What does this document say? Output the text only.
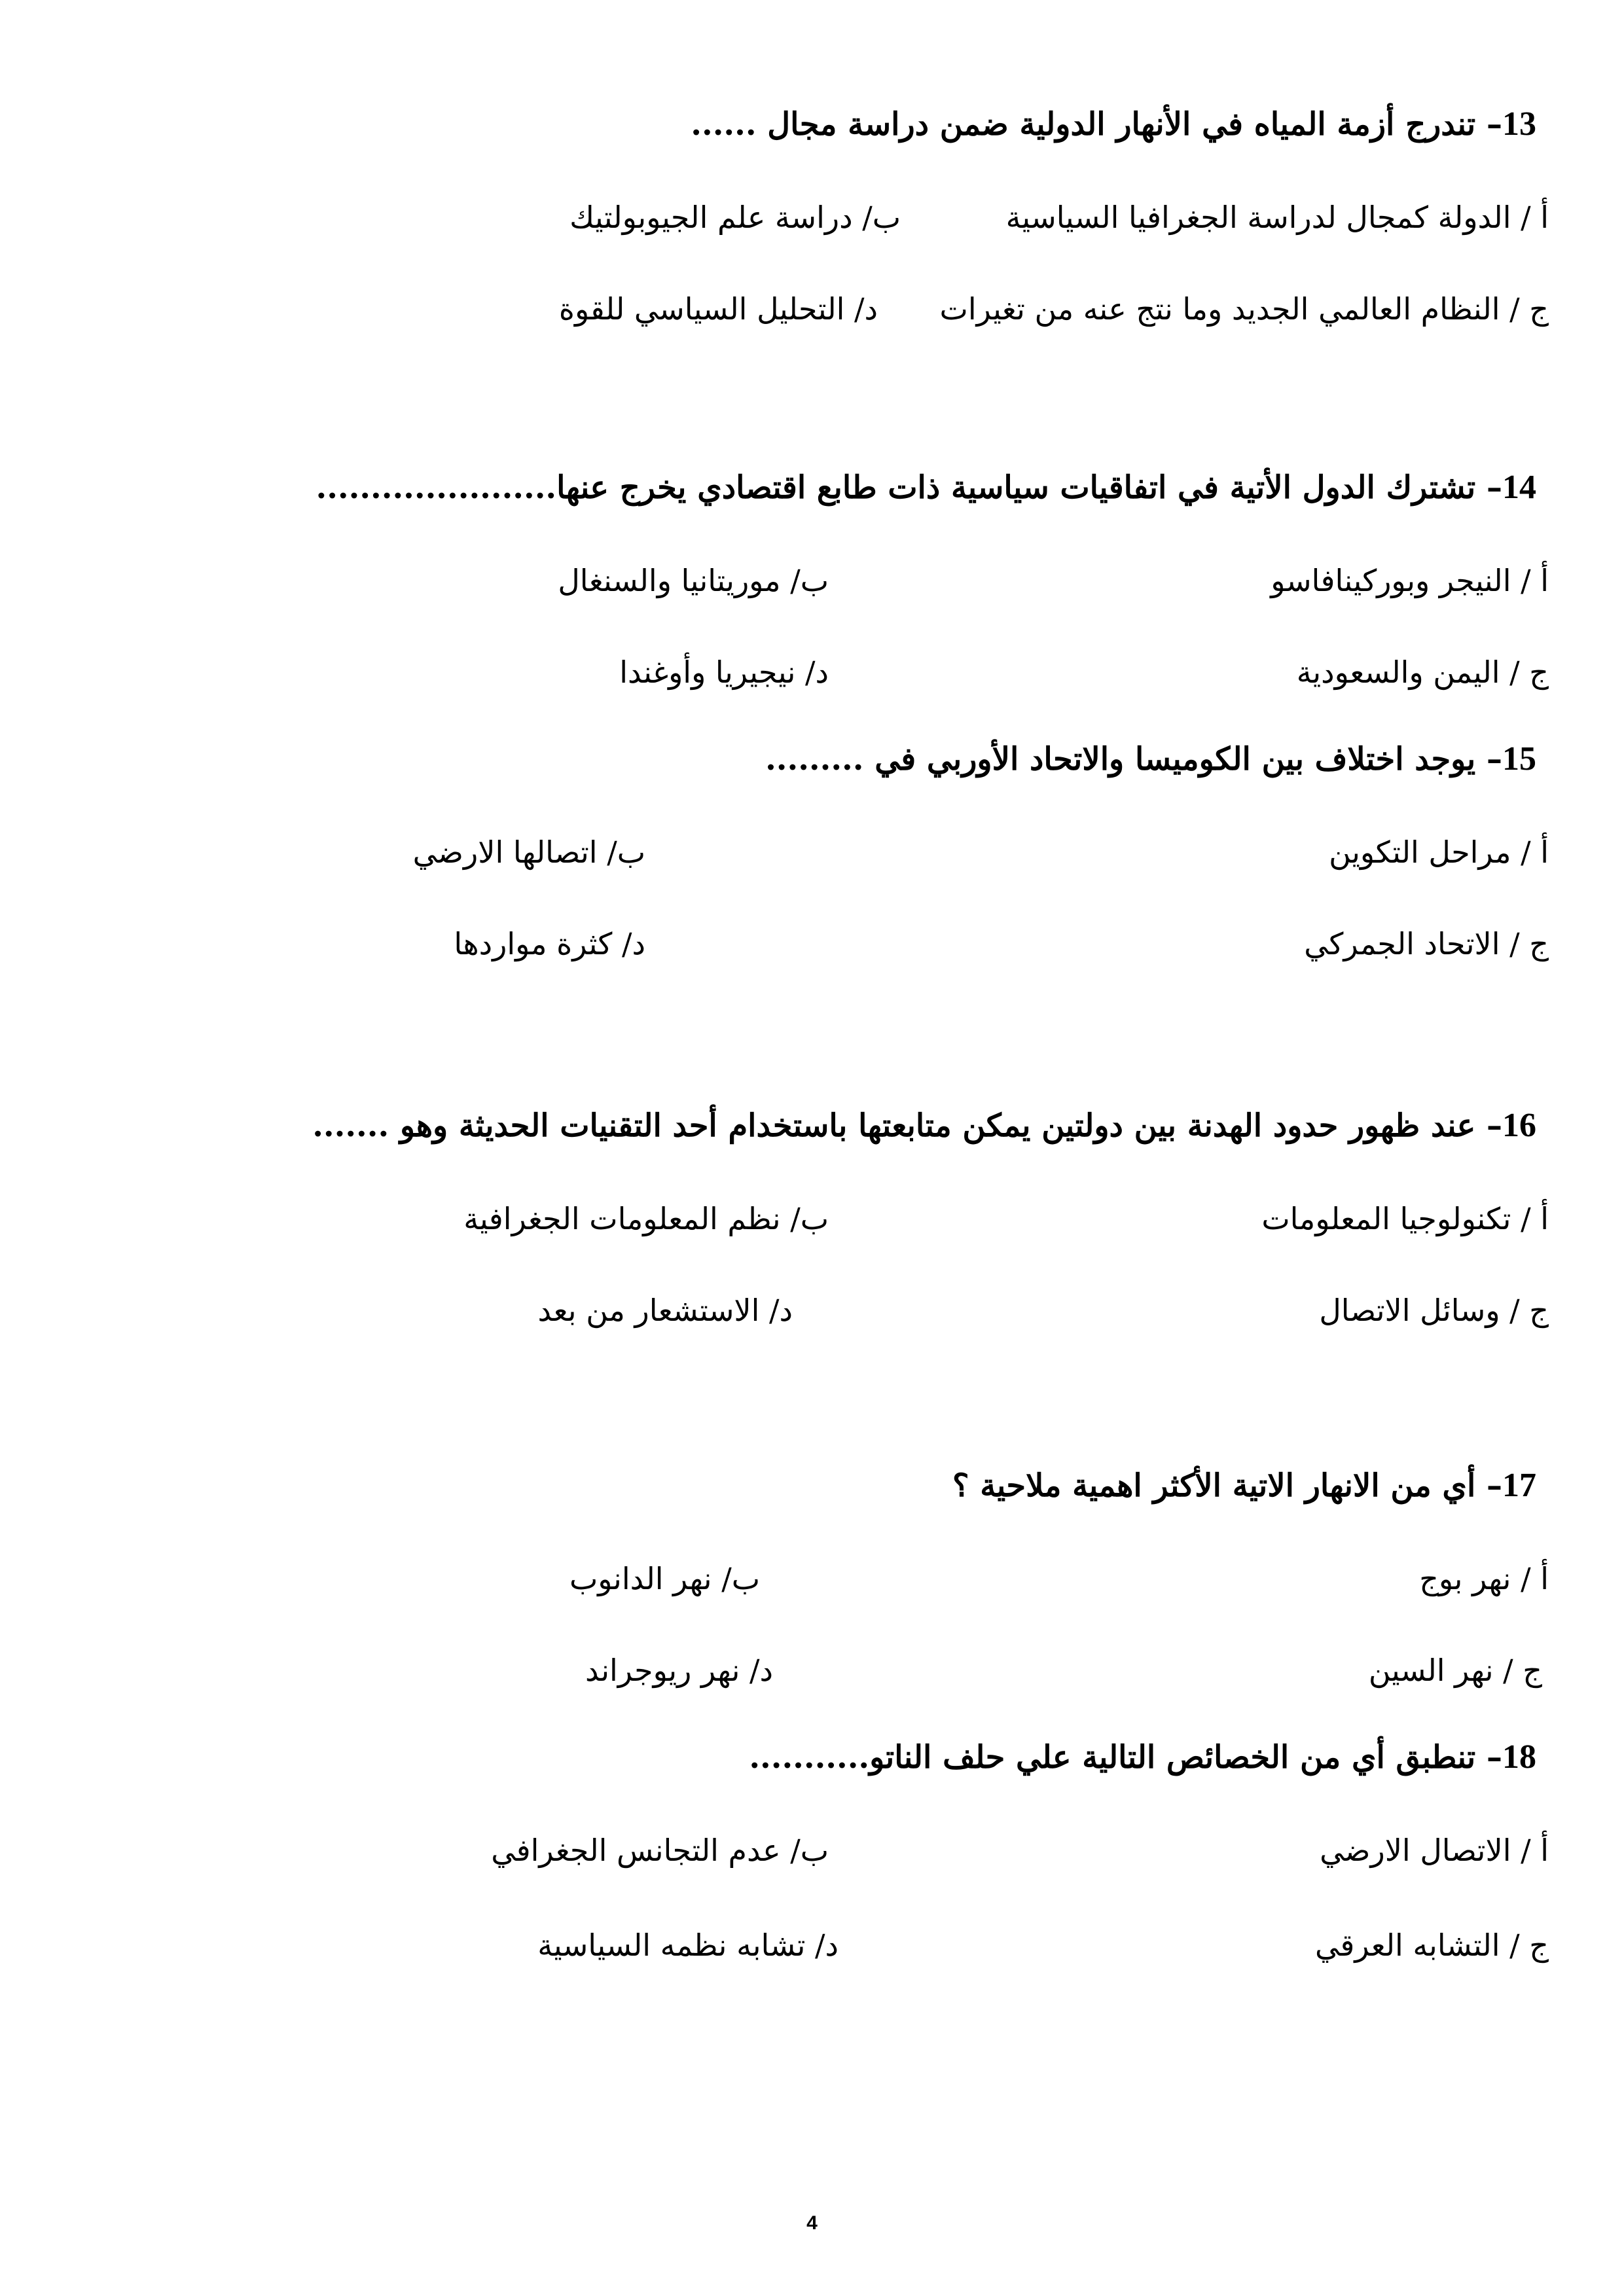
13– تندرج أزمة المياه في الأنهار الدولية ضمن دراسة مجال ......
أ / الدولة كمجال لدراسة الجغرافيا السياسية
ب/ دراسة علم الجيوبولتيك
ج / النظام العالمي الجديد وما نتج عنه من تغيرات
د/ التحليل السياسي للقوة
14– تشترك الدول الأتية في اتفاقيات سياسية ذات طابع اقتصادي يخرج عنها......................
أ / النيجر وبوركينافاسو
ب/ موريتانيا والسنغال
ج / اليمن والسعودية
د/ نيجيريا وأوغندا
15– يوجد اختلاف بين الكوميسا والاتحاد الأوربي في .........
أ / مراحل التكوين
ب/ اتصالها الارضي
ج / الاتحاد الجمركي
د/ كثرة مواردها
16– عند ظهور حدود الهدنة بين دولتين يمكن متابعتها باستخدام أحد التقنيات الحديثة وهو .......
أ / تكنولوجيا المعلومات
ب/ نظم المعلومات الجغرافية
ج / وسائل الاتصال
د/ الاستشعار من بعد
17– أي من الانهار الاتية الأكثر اهمية ملاحية ؟
أ / نهر بوج
ب/ نهر الدانوب
ج / نهر السين
د/ نهر ريوجراند
18– تنطبق أي من الخصائص التالية علي حلف الناتو...........
أ / الاتصال الارضي
ب/ عدم التجانس الجغرافي
ج / التشابه العرقي
د/ تشابه نظمه السياسية
4
